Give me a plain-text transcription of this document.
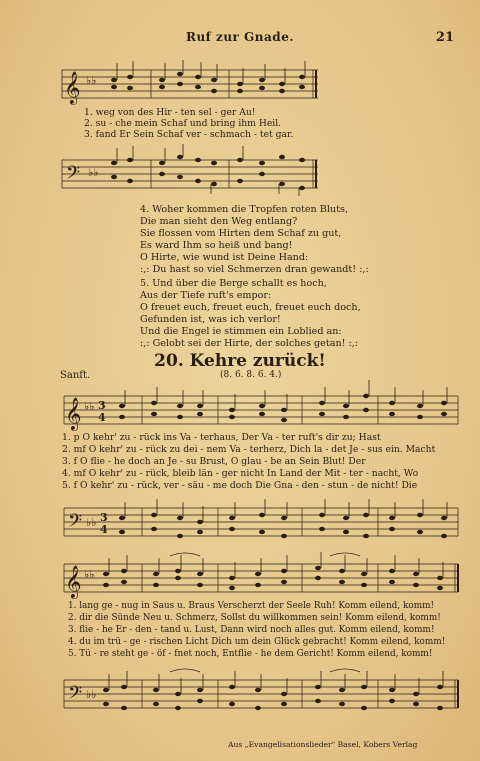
Ruf zur Gnade.	21
𝄞 ♭♭
1. weg von des Hir - ten sel - ger Au!
2. su - che mein Schaf und bring ihm Heil.
3. fand Er Sein Schaf ver - schmach - tet gar.
𝄢 ♭♭
4. Woher kommen die Tropfen roten Bluts,
Die man sieht den Weg entlang?
Sie flossen vom Hirten dem Schaf zu gut,
Es ward Ihm so heiß und bang!
O Hirte, wie wund ist Deine Hand:
:,: Du hast so viel Schmerzen dran gewandt! :,:
5. Und über die Berge schallt es hoch,
Aus der Tiefe ruft's empor:
O freuet euch, freuet euch, freuet euch doch,
Gefunden ist, was ich verlor!
Und die Engel ie stimmen ein Loblied an:
:,: Gelobt sei der Hirte, der solches getan! :,:
20. Kehre zurück!
Sanft.	(8. 6. 8. 6. 4.)
𝄞 ♭♭ 3
4
1. p O kehr' zu - rück ins Va - terhaus, Der Va - ter ruft's dir zu; Hast
2. mf O kehr' zu - rück zu dei - nem Va - terherz, Dich la - det Je - sus ein. Macht
3. f O flie - he doch an Je - su Brust, O glau - be an Sein Blut! Der
4. mf O kehr' zu - rück, bleib län - ger nicht In Land der Mit - ter - nacht, Wo
5. f O kehr' zu - rück, ver - säu - me doch Die Gna - den - stun - de nicht! Die
𝄢 ♭♭ 3
4
𝄞 ♭♭
1. lang ge - nug in Saus u. Braus Verscherzt der Seele Ruh! Komm eilend, komm!
2. dir die Sünde Neu u. Schmerz, Sollst du willkommen sein! Komm eilend, komm!
3. flie - he Er - den - tand u. Lust, Dann wird noch alles gut. Komm eilend, komm!
4. du im trü - ge - rischen Licht Dich um dein Glück gebracht! Komm eilend, komm!
5. Tü - re steht ge - öf - fnet noch, Entflie - he dem Gericht! Komm eilend, komm!
𝄢 ♭♭
Aus „Evangelisationslieder" Basel, Kobers Verlag
